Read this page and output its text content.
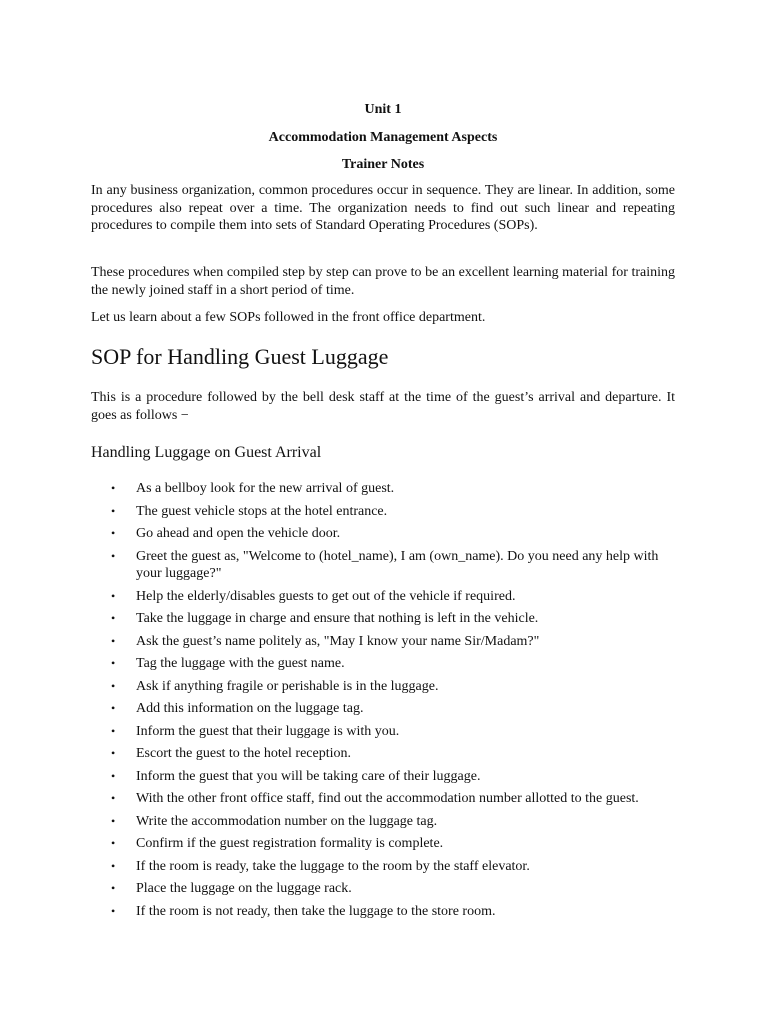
Unit 1

Accommodation Management Aspects

Trainer Notes

In any business organization, common procedures occur in sequence. They are linear. In addition, some procedures also repeat over a time. The organization needs to find out such linear and repeating procedures to compile them into sets of Standard Operating Procedures (SOPs).

These procedures when compiled step by step can prove to be an excellent learning material for training the newly joined staff in a short period of time.

Let us learn about a few SOPs followed in the front office department.

SOP for Handling Guest Luggage

This is a procedure followed by the bell desk staff at the time of the guest’s arrival and departure. It goes as follows −

Handling Luggage on Guest Arrival
• As a bellboy look for the new arrival of guest.
• The guest vehicle stops at the hotel entrance.
• Go ahead and open the vehicle door.
• Greet the guest as, "Welcome to (hotel_name), I am (own_name). Do you need any help with your luggage?"
• Help the elderly/disables guests to get out of the vehicle if required.
• Take the luggage in charge and ensure that nothing is left in the vehicle.
• Ask the guest’s name politely as, "May I know your name Sir/Madam?"
• Tag the luggage with the guest name.
• Ask if anything fragile or perishable is in the luggage.
• Add this information on the luggage tag.
• Inform the guest that their luggage is with you.
• Escort the guest to the hotel reception.
• Inform the guest that you will be taking care of their luggage.
• With the other front office staff, find out the accommodation number allotted to the guest.
• Write the accommodation number on the luggage tag.
• Confirm if the guest registration formality is complete.
• If the room is ready, take the luggage to the room by the staff elevator.
• Place the luggage on the luggage rack.
• If the room is not ready, then take the luggage to the store room.
